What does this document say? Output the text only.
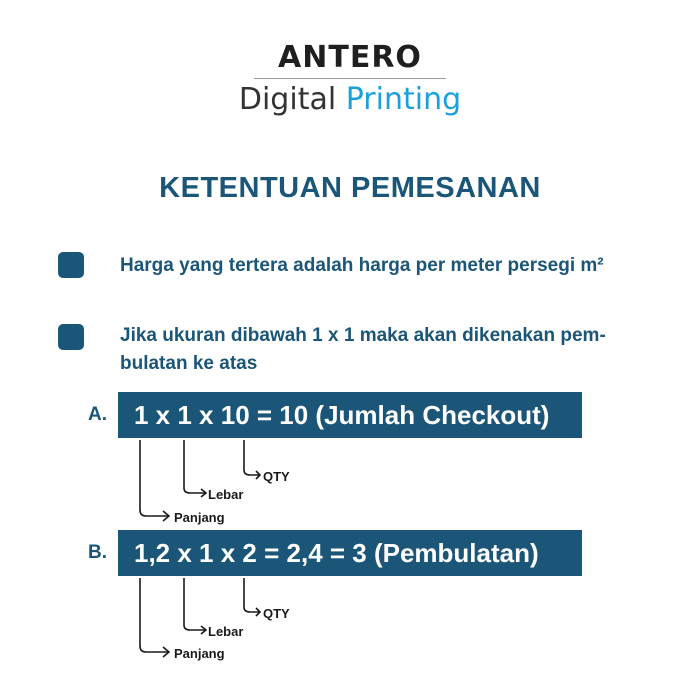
ANTERO
Digital Printing
KETENTUAN PEMESANAN
Harga yang tertera adalah harga per meter persegi m²
Jika ukuran dibawah 1 x 1 maka akan dikenakan pem-bulatan ke atas
A.	1 x 1 x 10 = 10 (Jumlah Checkout)
B.	1,2 x 1 x 2 = 2,4 = 3 (Pembulatan)
QTY
Lebar
Panjang
QTY
Lebar
Panjang
